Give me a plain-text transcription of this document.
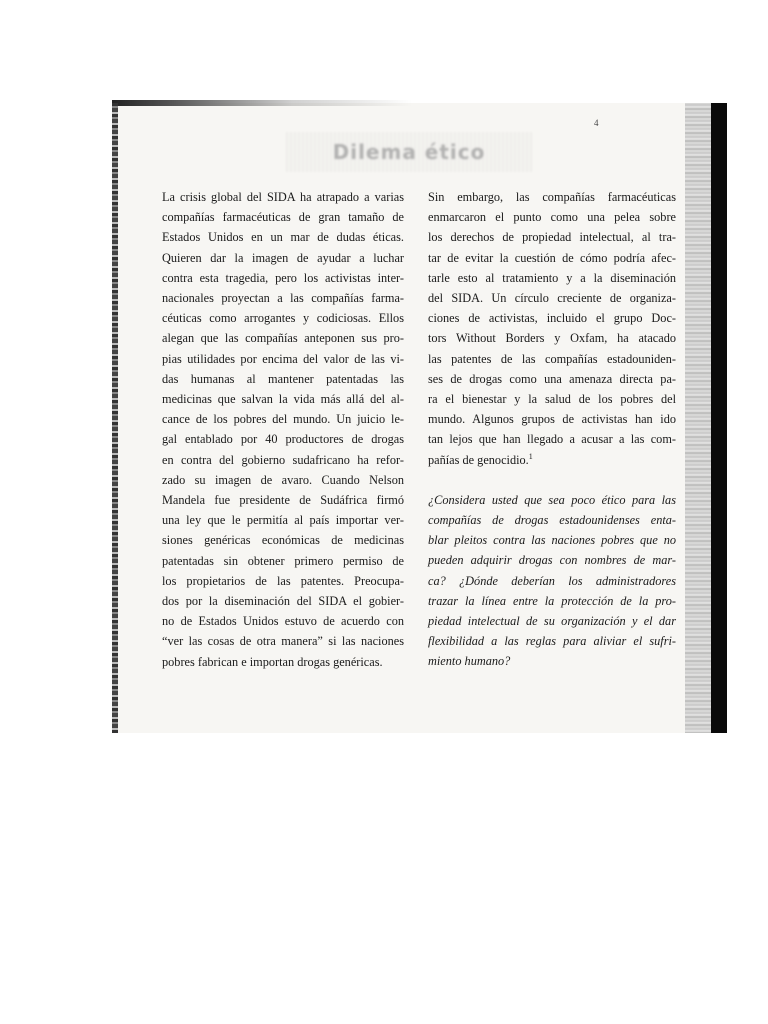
4
Dilema ético
La crisis global del SIDA ha atrapado a varias
compañías farmacéuticas de gran tamaño de
Estados Unidos en un mar de dudas éticas.
Quieren dar la imagen de ayudar a luchar
contra esta tragedia, pero los activistas inter-
nacionales proyectan a las compañías farma-
céuticas como arrogantes y codiciosas. Ellos
alegan que las compañías anteponen sus pro-
pias utilidades por encima del valor de las vi-
das humanas al mantener patentadas las
medicinas que salvan la vida más allá del al-
cance de los pobres del mundo. Un juicio le-
gal entablado por 40 productores de drogas
en contra del gobierno sudafricano ha refor-
zado su imagen de avaro. Cuando Nelson
Mandela fue presidente de Sudáfrica firmó
una ley que le permitía al país importar ver-
siones genéricas económicas de medicinas
patentadas sin obtener primero permiso de
los propietarios de las patentes. Preocupa-
dos por la diseminación del SIDA el gobier-
no de Estados Unidos estuvo de acuerdo con
“ver las cosas de otra manera” si las naciones
pobres fabrican e importan drogas genéricas.
Sin embargo, las compañías farmacéuticas
enmarcaron el punto como una pelea sobre
los derechos de propiedad intelectual, al tra-
tar de evitar la cuestión de cómo podría afec-
tarle esto al tratamiento y a la diseminación
del SIDA. Un círculo creciente de organiza-
ciones de activistas, incluido el grupo Doc-
tors Without Borders y Oxfam, ha atacado
las patentes de las compañías estadouniden-
ses de drogas como una amenaza directa pa-
ra el bienestar y la salud de los pobres del
mundo. Algunos grupos de activistas han ido
tan lejos que han llegado a acusar a las com-
pañías de genocidio.$^1$
¿Considera usted que sea poco ético para las
compañías de drogas estadounidenses enta-
blar pleitos contra las naciones pobres que no
pueden adquirir drogas con nombres de mar-
ca? ¿Dónde deberían los administradores
trazar la línea entre la protección de la pro-
piedad intelectual de su organización y el dar
flexibilidad a las reglas para aliviar el sufri-
miento humano?
